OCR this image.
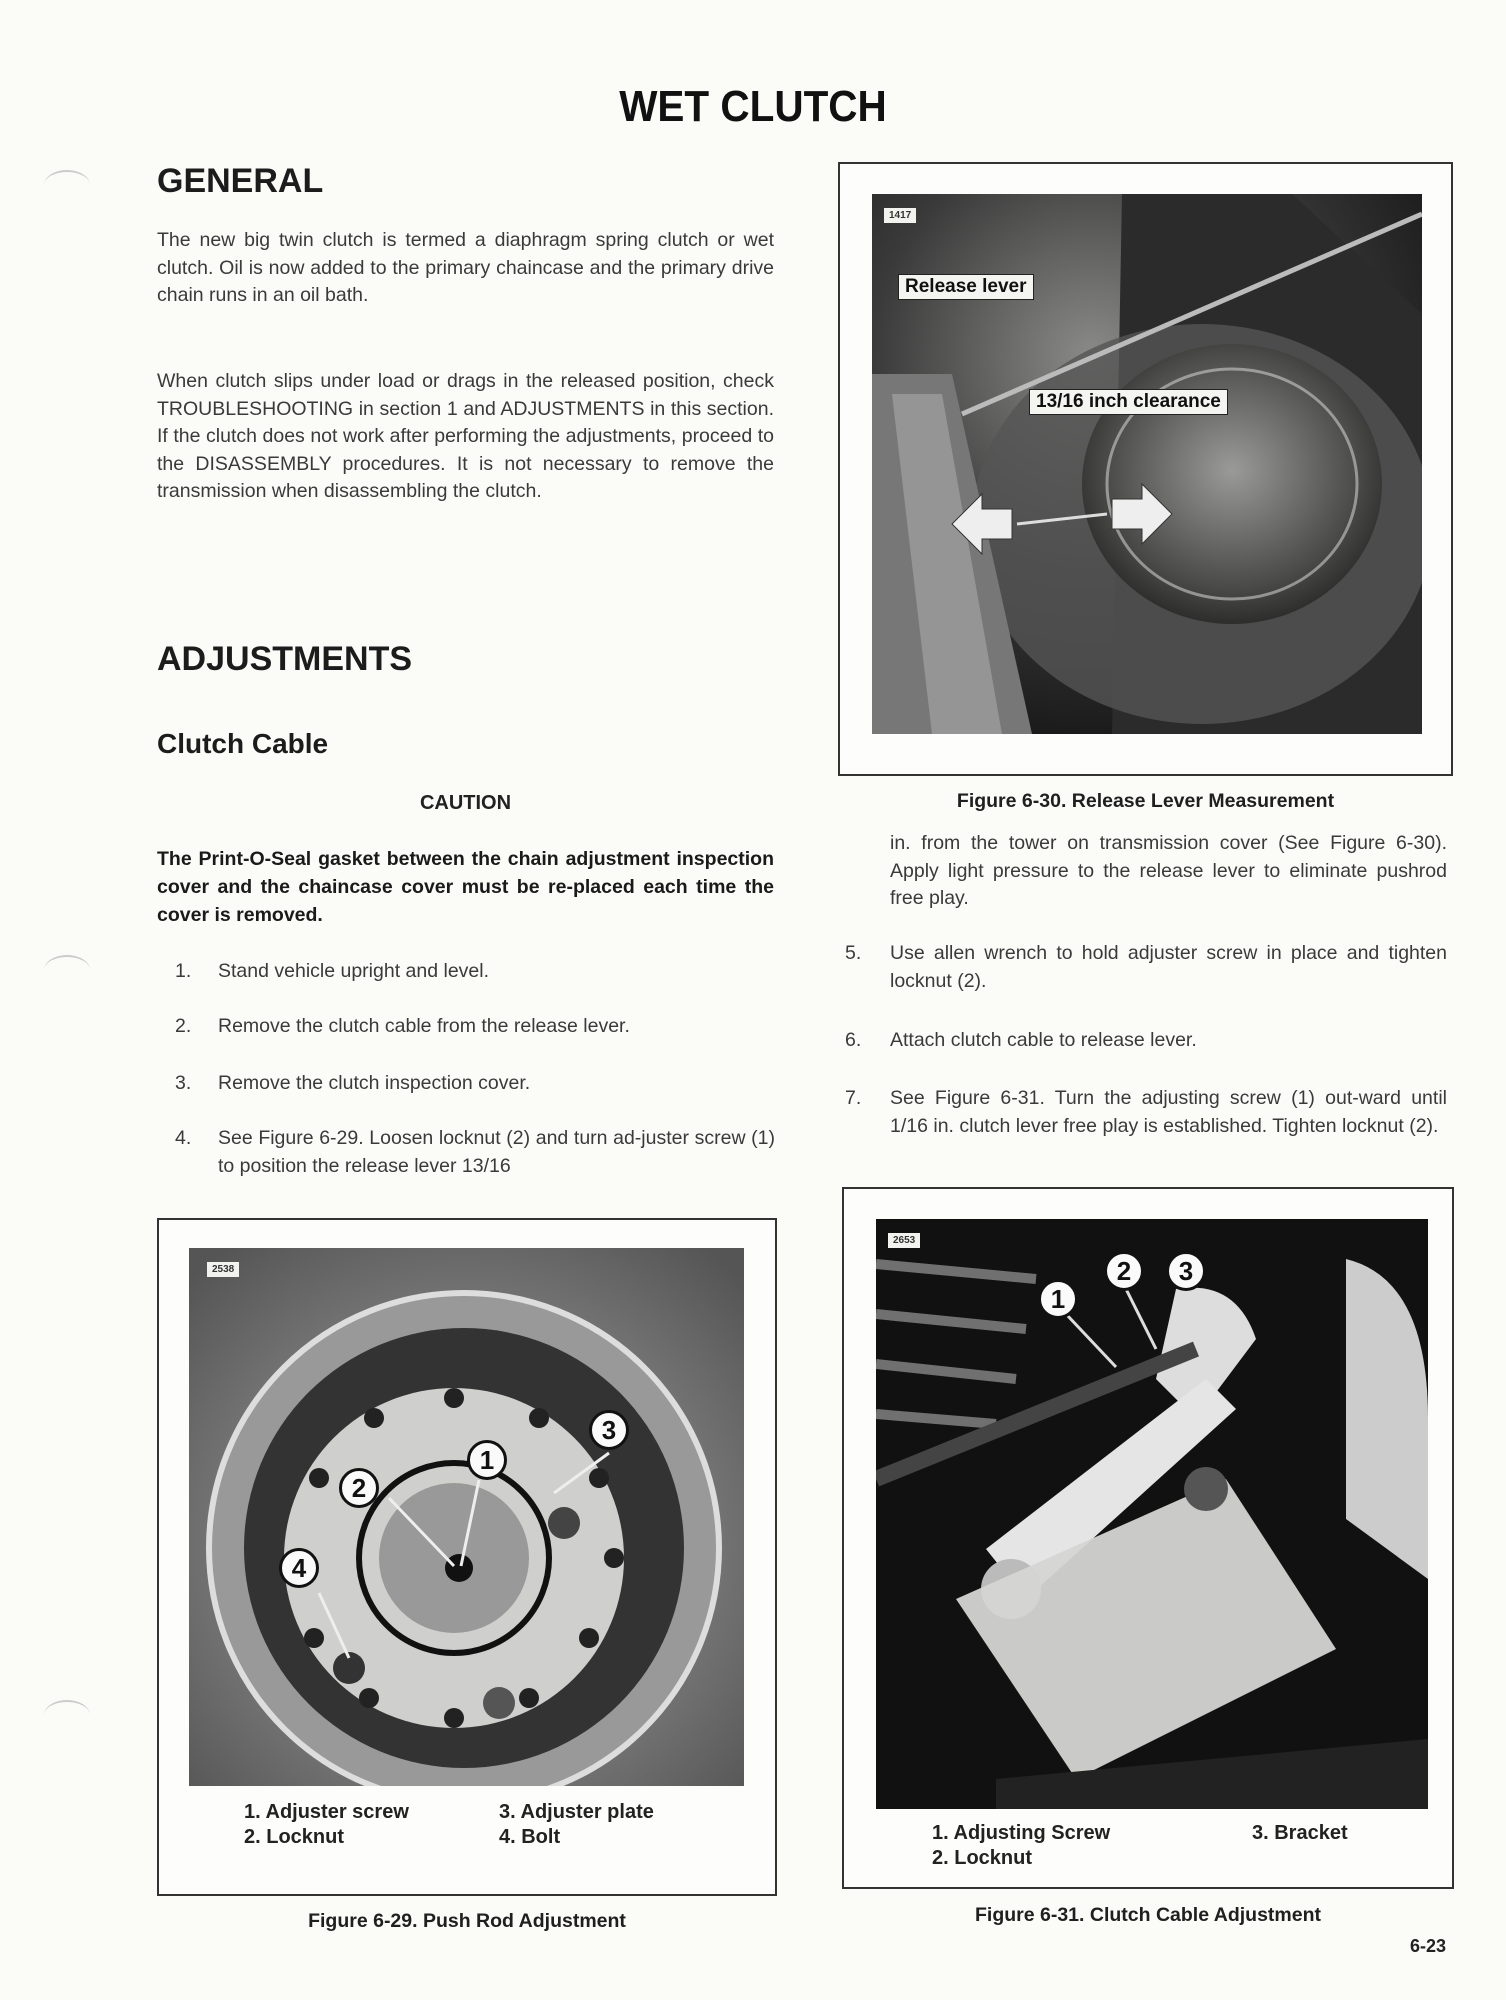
WET CLUTCH
GENERAL
The new big twin clutch is termed a diaphragm spring clutch or wet clutch. Oil is now added to the primary chaincase and the primary drive chain runs in an oil bath.
When clutch slips under load or drags in the released position, check TROUBLESHOOTING in section 1 and ADJUSTMENTS in this section. If the clutch does not work after performing the adjustments, proceed to the DISASSEMBLY procedures. It is not necessary to remove the transmission when disassembling the clutch.
ADJUSTMENTS
Clutch Cable
CAUTION
The Print-O-Seal gasket between the chain adjustment inspection cover and the chaincase cover must be re-placed each time the cover is removed.
1. Stand vehicle upright and level.
2. Remove the clutch cable from the release lever.
3. Remove the clutch inspection cover.
4. See Figure 6-29. Loosen locknut (2) and turn ad-juster screw (1) to position the release lever 13/16
1417
Release lever
13/16 inch clearance
Figure 6-30. Release Lever Measurement
in. from the tower on transmission cover (See Figure 6-30). Apply light pressure to the release lever to eliminate pushrod free play.
5. Use allen wrench to hold adjuster screw in place and tighten locknut (2).
6. Attach clutch cable to release lever.
7. See Figure 6-31. Turn the adjusting screw (1) out-ward until 1/16 in. clutch lever free play is established. Tighten locknut (2).
2538
1
2
3
4
1. Adjuster screw
2. Locknut
3. Adjuster plate
4. Bolt
Figure 6-29. Push Rod Adjustment
2653
1
2	3
1. Adjusting Screw
2. Locknut
3. Bracket
Figure 6-31. Clutch Cable Adjustment
6-23
